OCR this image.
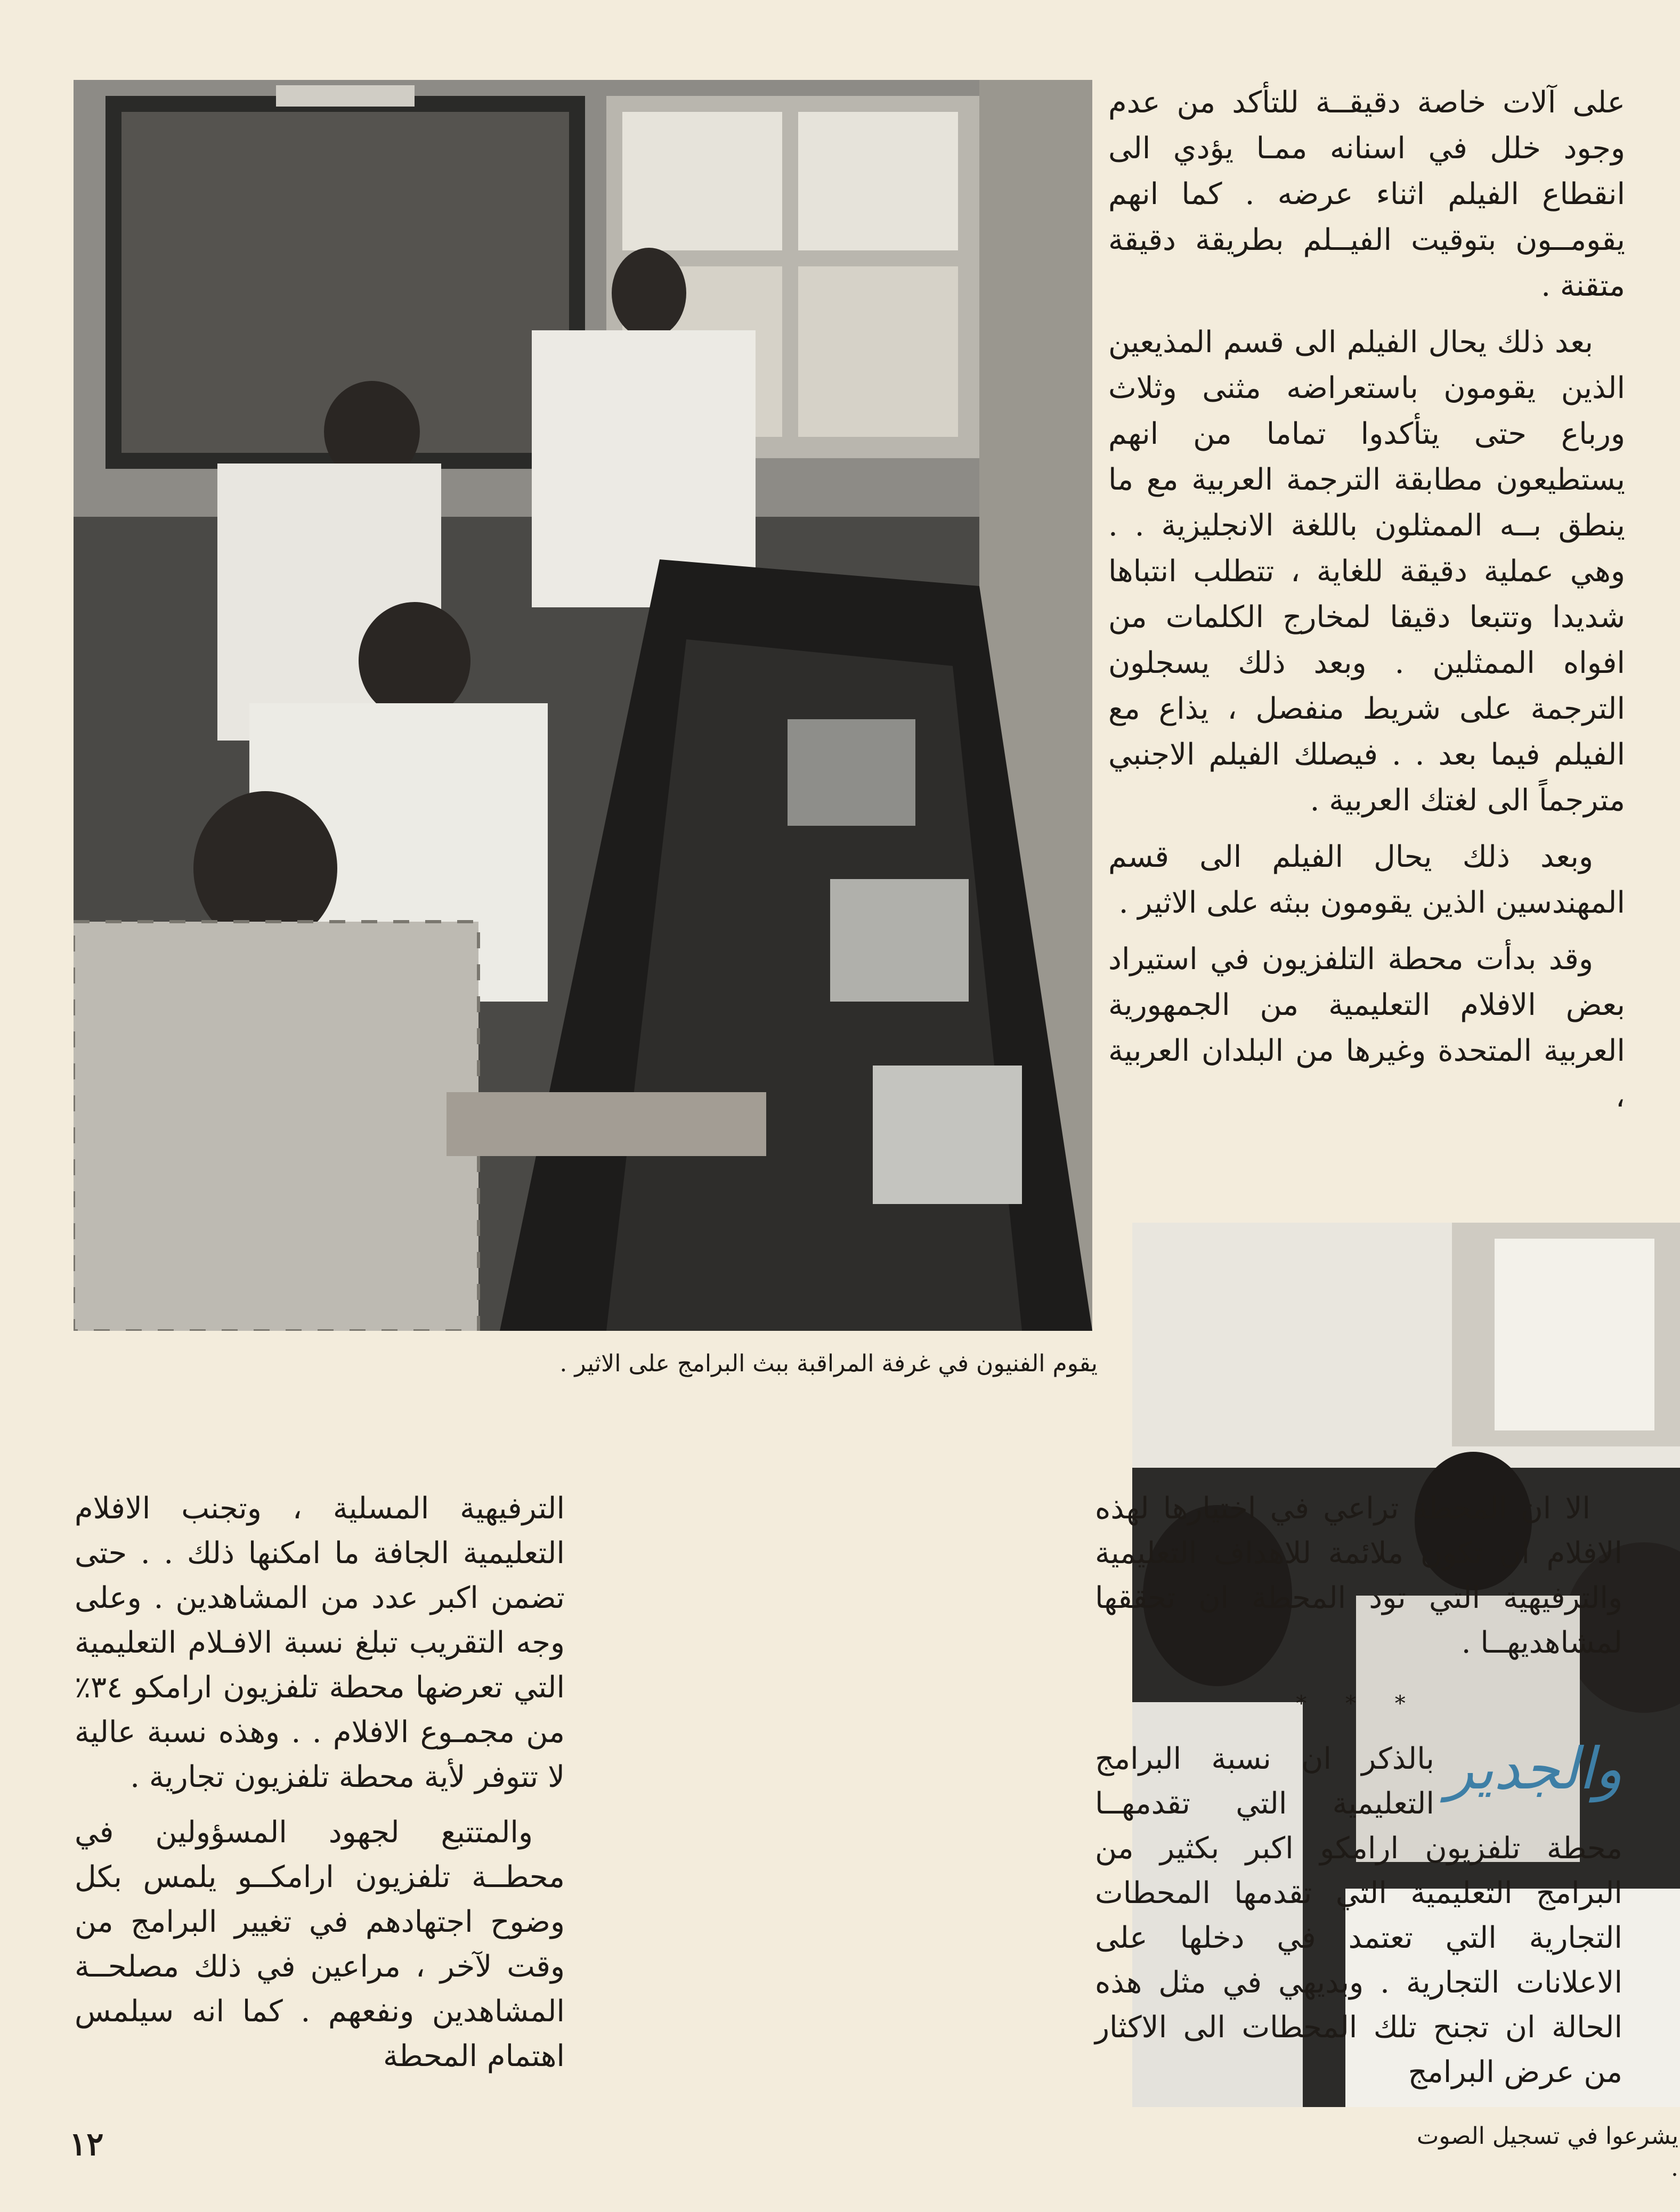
يقوم الفنيون في غرفة المراقبة ببث البرامج على الاثير .

على آلات خاصة دقيقــة للتأكد من عدم وجود خلل في اسنانه ممـا يؤدي الى انقطاع الفيلم اثناء عرضه . كما انهم يقومــون بتوقيت الفيــلم بطريقة دقيقة متقنة .

بعد ذلك يحال الفيلم الى قسم المذيعين الذين يقومون باستعراضه مثنى وثلاث ورباع حتى يتأكدوا تماما من انهم يستطيعون مطابقة الترجمة العربية مع ما ينطق بــه الممثلون باللغة الانجليزية . . وهي عملية دقيقة للغاية ، تتطلب انتباها شديدا وتتبعا دقيقا لمخارج الكلمات من افواه الممثلين . وبعد ذلك يسجلون الترجمة على شريط منفصل ، يذاع مع الفيلم فيما بعد . . فيصلك الفيلم الاجنبي مترجماً الى لغتك العربية .

وبعد ذلك يحال الفيلم الى قسم المهندسين الذين يقومون ببثه على الاثير .

وقد بدأت محطة التلفزيون في استيراد بعض الافلام التعليمية من الجمهورية العربية المتحدة وغيرها من البلدان العربية ،

يشرعوا في تسجيل الصوت .

الا ان المحطة تراعي في اختيارها لهذه الافلام ان تكون ملائمة للاهداف التعليمية والترفيهية التي تود المحطة ان تحققها لمشاهديهــا .

* * *

والجدير
بالذكر ان نسبة البرامج التعليمية التي تقدمهــا محطة تلفزيون ارامكو اكبر بكثير من البرامج التعليمية التي تقدمها المحطات التجارية التي تعتمد في دخلها على الاعلانات التجارية . وبديهي في مثل هذه الحالة ان تجنح تلك المحطات الى الاكثار من عرض البرامج

الترفيهية المسلية ، وتجنب الافلام التعليمية الجافة ما امكنها ذلك . . حتى تضمن اكبر عدد من المشاهدين . وعلى وجه التقريب تبلغ نسبة الافـلام التعليمية التي تعرضها محطة تلفزيون ارامكو ٣٤٪ من مجمـوع الافلام . . وهذه نسبة عالية لا تتوفر لأية محطة تلفزيون تجارية .

والمتتبع لجهود المسؤولين في محطــة تلفزيون ارامكــو يلمس بكل وضوح اجتهادهم في تغيير البرامج من وقت لآخر ، مراعين في ذلك مصلحــة المشاهدين ونفعهم . كما انه سيلمس اهتمام المحطة

١٢
